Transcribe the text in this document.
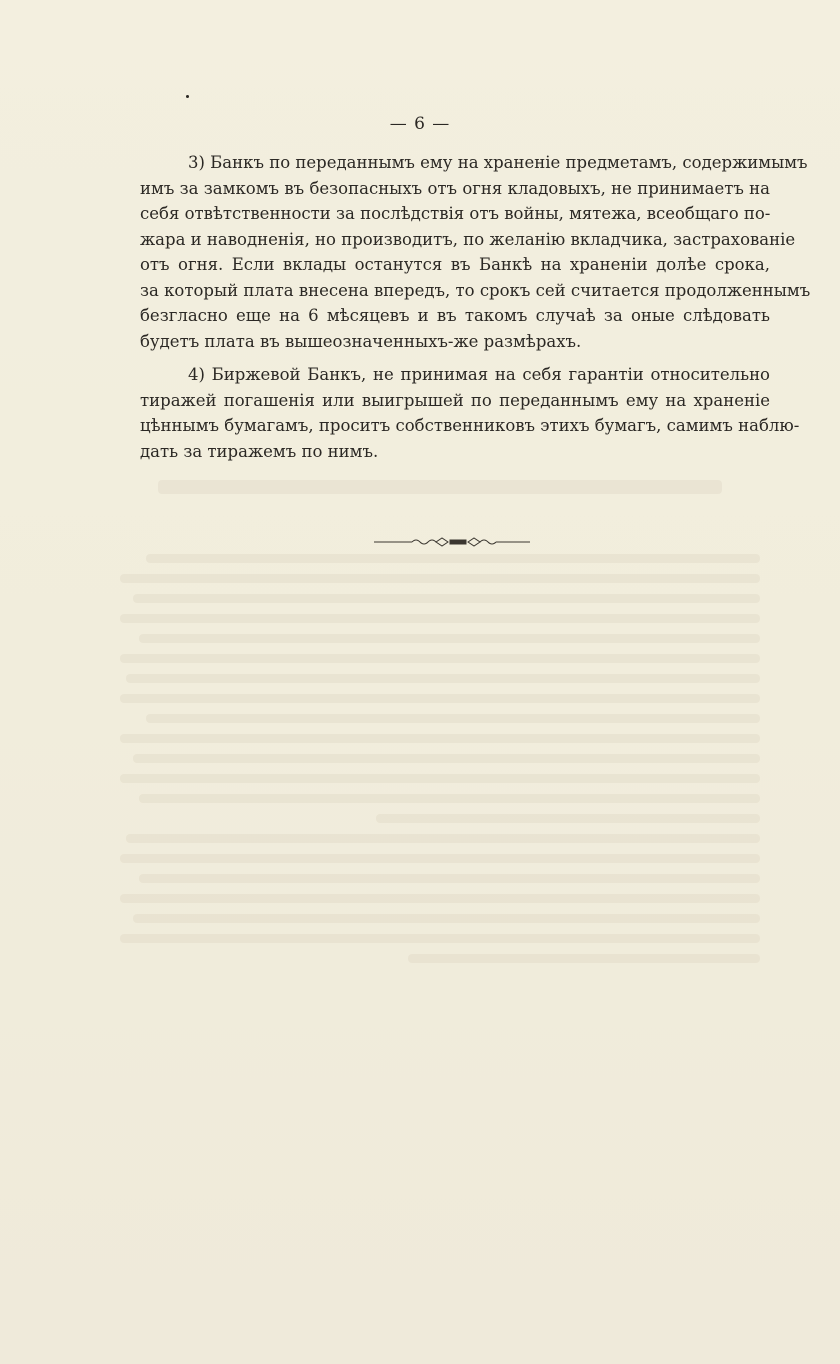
— 6 —

3) Банкъ по переданнымъ ему на храненіе предметамъ, содержимымъ
имъ за замкомъ въ безопасныхъ отъ огня кладовыхъ, не принимаетъ на
себя отвѣтственности за послѣдствія отъ войны, мятежа, всеобщаго по-
жара и наводненія, но производитъ, по желанію вкладчика, застрахованіе
отъ огня. Если вклады останутся въ Банкѣ на храненіи долѣе срока,
за который плата внесена впередъ, то срокъ сей считается продолженнымъ
безгласно еще на 6 мѣсяцевъ и въ такомъ случаѣ за оные слѣдовать
будетъ плата въ вышеозначенныхъ-же размѣрахъ.

4) Биржевой Банкъ, не принимая на себя гарантіи относительно
тиражей погашенія или выигрышей по переданнымъ ему на храненіе
цѣннымъ бумагамъ, проситъ собственниковъ этихъ бумагъ, самимъ наблю-
дать за тиражемъ по нимъ.
